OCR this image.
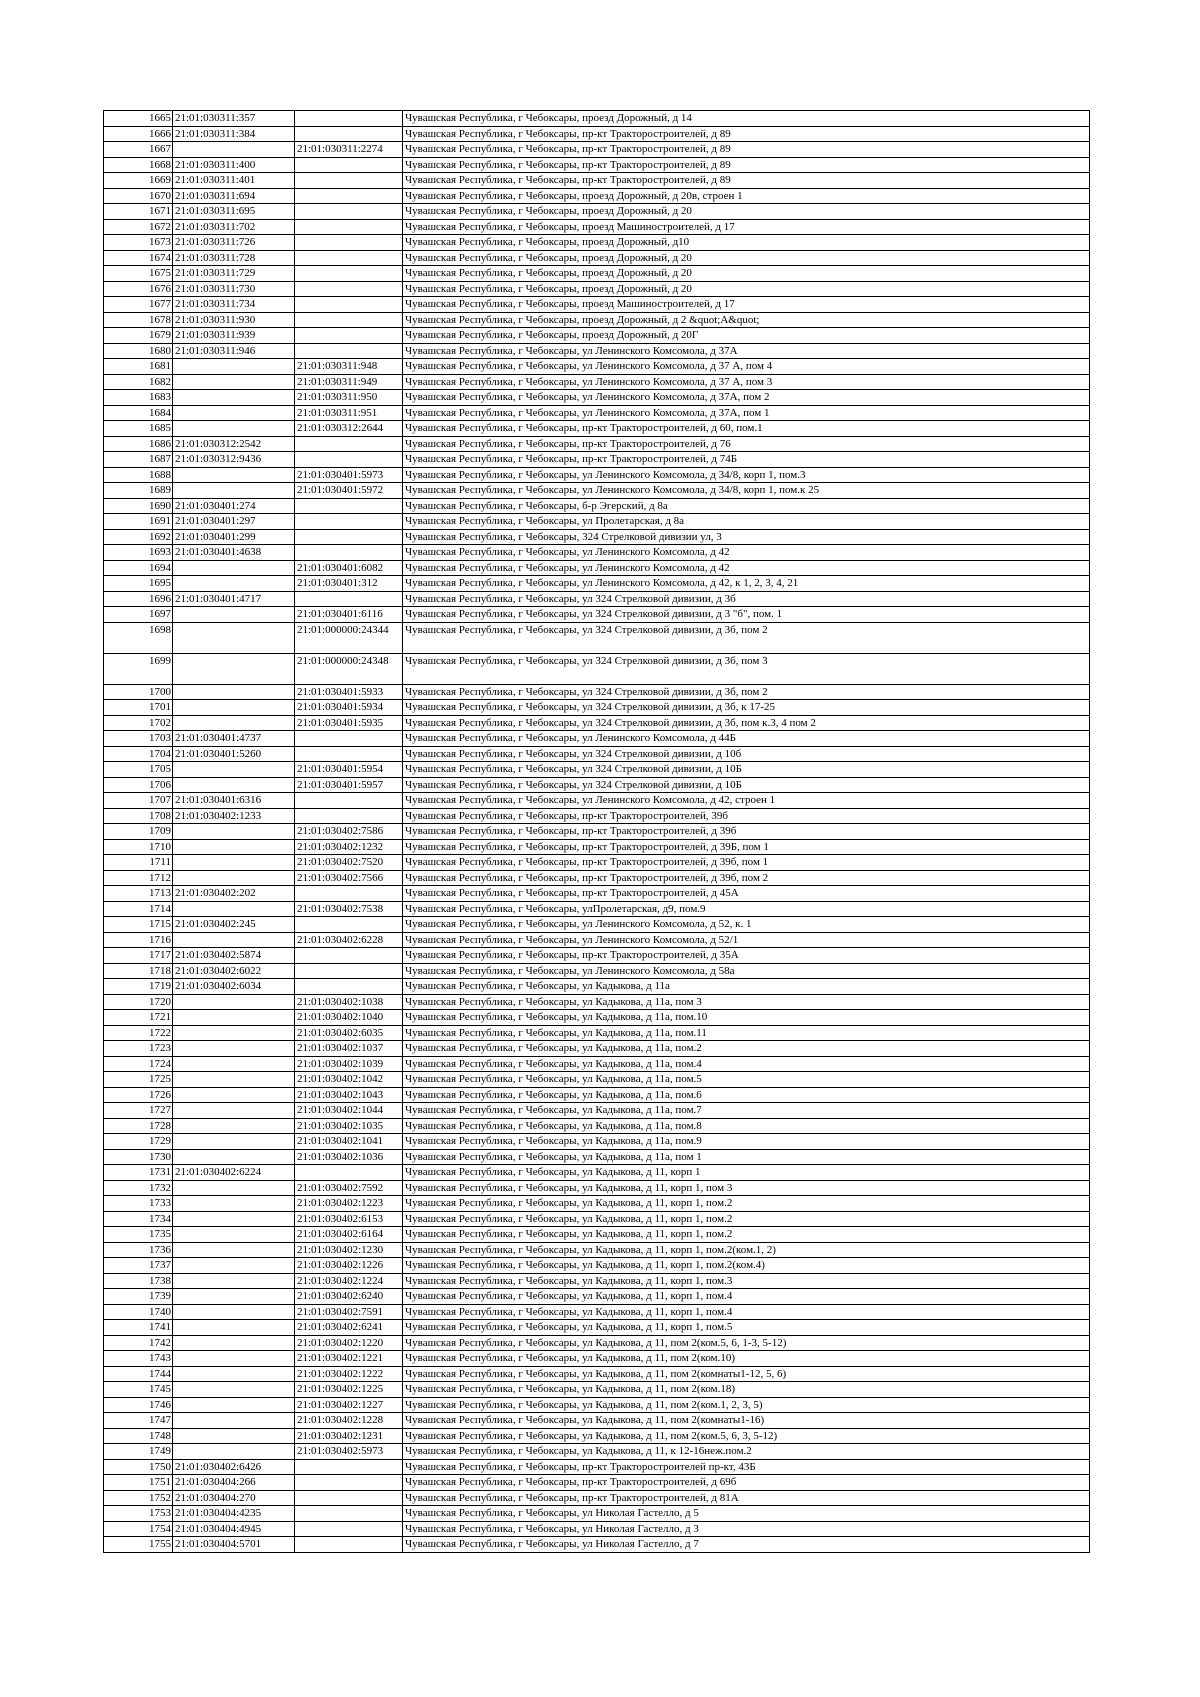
1665	21:01:030311:357		Чувашская Республика, г Чебоксары, проезд Дорожный, д 14
1666	21:01:030311:384		Чувашская Республика, г Чебоксары, пр-кт Тракторостроителей, д 89
1667		21:01:030311:2274	Чувашская Республика, г Чебоксары, пр-кт Тракторостроителей, д 89
1668	21:01:030311:400		Чувашская Республика, г Чебоксары, пр-кт Тракторостроителей, д 89
1669	21:01:030311:401		Чувашская Республика, г Чебоксары, пр-кт Тракторостроителей, д 89
1670	21:01:030311:694		Чувашская Республика, г Чебоксары, проезд Дорожный, д 20в, строен 1
1671	21:01:030311:695		Чувашская Республика, г Чебоксары, проезд Дорожный, д 20
1672	21:01:030311:702		Чувашская Республика, г Чебоксары, проезд Машиностроителей, д 17
1673	21:01:030311:726		Чувашская Республика, г Чебоксары, проезд Дорожный, д10
1674	21:01:030311:728		Чувашская Республика, г Чебоксары, проезд Дорожный, д 20
1675	21:01:030311:729		Чувашская Республика, г Чебоксары, проезд Дорожный, д 20
1676	21:01:030311:730		Чувашская Республика, г Чебоксары, проезд Дорожный, д 20
1677	21:01:030311:734		Чувашская Республика, г Чебоксары, проезд Машиностроителей, д 17
1678	21:01:030311:930		Чувашская Республика, г Чебоксары, проезд Дорожный, д 2 &quot;А&quot;
1679	21:01:030311:939		Чувашская Республика, г Чебоксары, проезд Дорожный, д 20Г
1680	21:01:030311:946		Чувашская Республика, г Чебоксары, ул Ленинского Комсомола, д 37А
1681		21:01:030311:948	Чувашская Республика, г Чебоксары, ул Ленинского Комсомола, д 37 А, пом 4
1682		21:01:030311:949	Чувашская Республика, г Чебоксары, ул Ленинского Комсомола, д 37 А, пом 3
1683		21:01:030311:950	Чувашская Республика, г Чебоксары, ул Ленинского Комсомола, д 37А, пом 2
1684		21:01:030311:951	Чувашская Республика, г Чебоксары, ул Ленинского Комсомола, д 37А, пом 1
1685		21:01:030312:2644	Чувашская Республика, г Чебоксары, пр-кт Тракторостроителей, д 60, пом.1
1686	21:01:030312:2542		Чувашская Республика, г Чебоксары, пр-кт Тракторостроителей, д 76
1687	21:01:030312:9436		Чувашская Республика, г Чебоксары, пр-кт Тракторостроителей, д 74Б
1688		21:01:030401:5973	Чувашская Республика, г Чебоксары, ул Ленинского Комсомола, д 34/8, корп 1, пом.3
1689		21:01:030401:5972	Чувашская Республика, г Чебоксары, ул Ленинского Комсомола, д 34/8, корп 1, пом.к 25
1690	21:01:030401:274		Чувашская Республика, г Чебоксары, б-р Эгерский, д 8а
1691	21:01:030401:297		Чувашская Республика, г Чебоксары, ул Пролетарская, д 8а
1692	21:01:030401:299		Чувашская Республика, г Чебоксары, 324 Стрелковой дивизии ул, 3
1693	21:01:030401:4638		Чувашская Республика, г Чебоксары, ул Ленинского Комсомола, д 42
1694		21:01:030401:6082	Чувашская Республика, г Чебоксары, ул Ленинского Комсомола, д 42
1695		21:01:030401:312	Чувашская Республика, г Чебоксары, ул Ленинского Комсомола, д 42, к 1, 2, 3, 4, 21
1696	21:01:030401:4717		Чувашская Республика, г Чебоксары, ул 324 Стрелковой дивизии, д 3б
1697		21:01:030401:6116	Чувашская Республика, г Чебоксары, ул 324 Стрелковой дивизии, д 3 "б", пом. 1
1698		21:01:000000:24344	Чувашская Республика, г Чебоксары, ул 324 Стрелковой дивизии, д 3б, пом 2
1699		21:01:000000:24348	Чувашская Республика, г Чебоксары, ул 324 Стрелковой дивизии, д 3б, пом 3
1700		21:01:030401:5933	Чувашская Республика, г Чебоксары, ул 324 Стрелковой дивизии, д 3б, пом 2
1701		21:01:030401:5934	Чувашская Республика, г Чебоксары, ул 324 Стрелковой дивизии, д 3б, к 17-25
1702		21:01:030401:5935	Чувашская Республика, г Чебоксары, ул 324 Стрелковой дивизии, д 3б, пом к.3, 4 пом 2
1703	21:01:030401:4737		Чувашская Республика, г Чебоксары, ул Ленинского Комсомола, д 44Б
1704	21:01:030401:5260		Чувашская Республика, г Чебоксары, ул 324 Стрелковой дивизии, д 10б
1705		21:01:030401:5954	Чувашская Республика, г Чебоксары, ул 324 Стрелковой дивизии, д 10Б
1706		21:01:030401:5957	Чувашская Республика, г Чебоксары, ул 324 Стрелковой дивизии, д 10Б
1707	21:01:030401:6316		Чувашская Республика, г Чебоксары, ул Ленинского Комсомола, д 42, строен 1
1708	21:01:030402:1233		Чувашская Республика, г Чебоксары, пр-кт Тракторостроителей, 39б
1709		21:01:030402:7586	Чувашская Республика, г Чебоксары, пр-кт Тракторостроителей, д 39б
1710		21:01:030402:1232	Чувашская Республика, г Чебоксары, пр-кт Тракторостроителей, д 39Б, пом 1
1711		21:01:030402:7520	Чувашская Республика, г Чебоксары, пр-кт Тракторостроителей, д 39б, пом 1
1712		21:01:030402:7566	Чувашская Республика, г Чебоксары, пр-кт Тракторостроителей, д 39б, пом 2
1713	21:01:030402:202		Чувашская Республика, г Чебоксары, пр-кт Тракторостроителей, д 45А
1714		21:01:030402:7538	Чувашская Республика, г Чебоксары, улПролетарская, д9, пом.9
1715	21:01:030402:245		Чувашская Республика, г Чебоксары, ул Ленинского Комсомола, д 52, к. 1
1716		21:01:030402:6228	Чувашская Республика, г Чебоксары, ул Ленинского Комсомола, д 52/1
1717	21:01:030402:5874		Чувашская Республика, г Чебоксары, пр-кт Тракторостроителей, д 35А
1718	21:01:030402:6022		Чувашская Республика, г Чебоксары, ул Ленинского Комсомола, д 58а
1719	21:01:030402:6034		Чувашская Республика, г Чебоксары, ул Кадыкова, д 11а
1720		21:01:030402:1038	Чувашская Республика, г Чебоксары, ул Кадыкова, д 11а, пом 3
1721		21:01:030402:1040	Чувашская Республика, г Чебоксары, ул Кадыкова, д 11а, пом.10
1722		21:01:030402:6035	Чувашская Республика, г Чебоксары, ул Кадыкова, д 11а, пом.11
1723		21:01:030402:1037	Чувашская Республика, г Чебоксары, ул Кадыкова, д 11а, пом.2
1724		21:01:030402:1039	Чувашская Республика, г Чебоксары, ул Кадыкова, д 11а, пом.4
1725		21:01:030402:1042	Чувашская Республика, г Чебоксары, ул Кадыкова, д 11а, пом.5
1726		21:01:030402:1043	Чувашская Республика, г Чебоксары, ул Кадыкова, д 11а, пом.6
1727		21:01:030402:1044	Чувашская Республика, г Чебоксары, ул Кадыкова, д 11а, пом.7
1728		21:01:030402:1035	Чувашская Республика, г Чебоксары, ул Кадыкова, д 11а, пом.8
1729		21:01:030402:1041	Чувашская Республика, г Чебоксары, ул Кадыкова, д 11а, пом.9
1730		21:01:030402:1036	Чувашская Республика, г Чебоксары, ул Кадыкова, д 11а, пом 1
1731	21:01:030402:6224		Чувашская Республика, г Чебоксары, ул Кадыкова, д 11, корп 1
1732		21:01:030402:7592	Чувашская Республика, г Чебоксары, ул Кадыкова, д 11, корп 1, пом 3
1733		21:01:030402:1223	Чувашская Республика, г Чебоксары, ул Кадыкова, д 11, корп 1, пом.2
1734		21:01:030402:6153	Чувашская Республика, г Чебоксары, ул Кадыкова, д 11, корп 1, пом.2
1735		21:01:030402:6164	Чувашская Республика, г Чебоксары, ул Кадыкова, д 11, корп 1, пом.2
1736		21:01:030402:1230	Чувашская Республика, г Чебоксары, ул Кадыкова, д 11, корп 1, пом.2(ком.1, 2)
1737		21:01:030402:1226	Чувашская Республика, г Чебоксары, ул Кадыкова, д 11, корп 1, пом.2(ком.4)
1738		21:01:030402:1224	Чувашская Республика, г Чебоксары, ул Кадыкова, д 11, корп 1, пом.3
1739		21:01:030402:6240	Чувашская Республика, г Чебоксары, ул Кадыкова, д 11, корп 1, пом.4
1740		21:01:030402:7591	Чувашская Республика, г Чебоксары, ул Кадыкова, д 11, корп 1, пом.4
1741		21:01:030402:6241	Чувашская Республика, г Чебоксары, ул Кадыкова, д 11, корп 1, пом.5
1742		21:01:030402:1220	Чувашская Республика, г Чебоксары, ул Кадыкова, д 11, пом 2(ком.5, 6, 1-3, 5-12)
1743		21:01:030402:1221	Чувашская Республика, г Чебоксары, ул Кадыкова, д 11, пом 2(ком.10)
1744		21:01:030402:1222	Чувашская Республика, г Чебоксары, ул Кадыкова, д 11, пом 2(комнаты1-12, 5, 6)
1745		21:01:030402:1225	Чувашская Республика, г Чебоксары, ул Кадыкова, д 11, пом 2(ком.18)
1746		21:01:030402:1227	Чувашская Республика, г Чебоксары, ул Кадыкова, д 11, пом 2(ком.1, 2, 3, 5)
1747		21:01:030402:1228	Чувашская Республика, г Чебоксары, ул Кадыкова, д 11, пом 2(комнаты1-16)
1748		21:01:030402:1231	Чувашская Республика, г Чебоксары, ул Кадыкова, д 11, пом 2(ком.5, 6, 3, 5-12)
1749		21:01:030402:5973	Чувашская Республика, г Чебоксары, ул Кадыкова, д 11, к 12-16неж.пом.2
1750	21:01:030402:6426		Чувашская Республика, г Чебоксары, пр-кт Тракторостроителей пр-кт, 43Б
1751	21:01:030404:266		Чувашская Республика, г Чебоксары, пр-кт Тракторостроителей, д 69б
1752	21:01:030404:270		Чувашская Республика, г Чебоксары, пр-кт Тракторостроителей, д 81А
1753	21:01:030404:4235		Чувашская Республика, г Чебоксары, ул Николая Гастелло, д 5
1754	21:01:030404:4945		Чувашская Республика, г Чебоксары, ул Николая Гастелло, д 3
1755	21:01:030404:5701		Чувашская Республика, г Чебоксары, ул Николая Гастелло, д 7
